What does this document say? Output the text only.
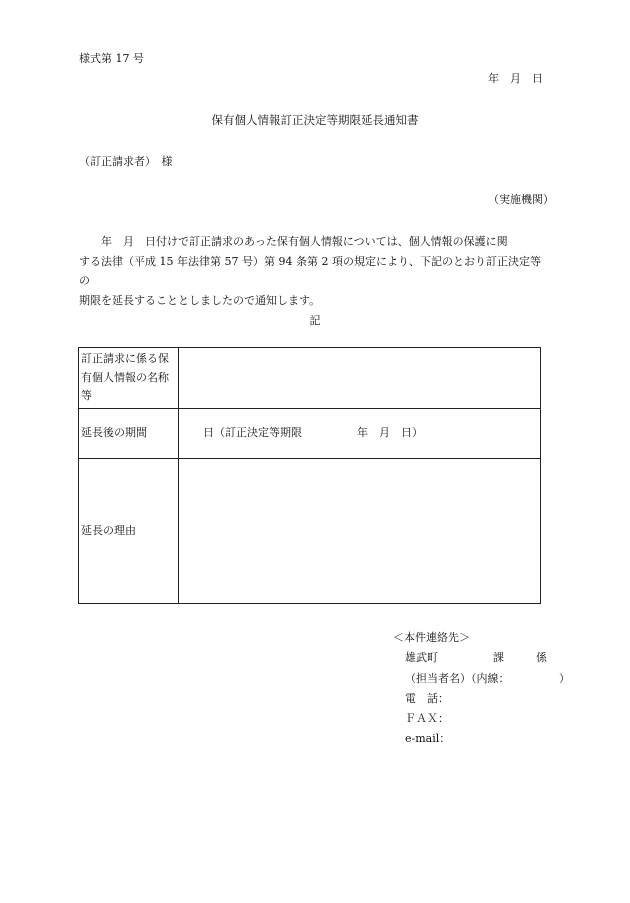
様式第 17 号
年　月　日
保有個人情報訂正決定等期限延長通知書
（訂正請求者）　様
（実施機関）

　　年　月　日付けで訂正請求のあった保有個人情報については、個人情報の保護に関

する法律（平成 15 年法律第 57 号）第 94 条第 2 項の規定により、下記のとおり訂正決定等の

期限を延長することとしましたので通知します。

記
訂正請求に係る保有個人情報の名称等
延長後の期間	日（訂正決定等期限　　　　　年　月　日）
延長の理由
＜本件連絡先＞
雄武町	課	係
（担当者名）（内線：　　　　　）
電　話：
ＦＡＸ：
e-mail：
